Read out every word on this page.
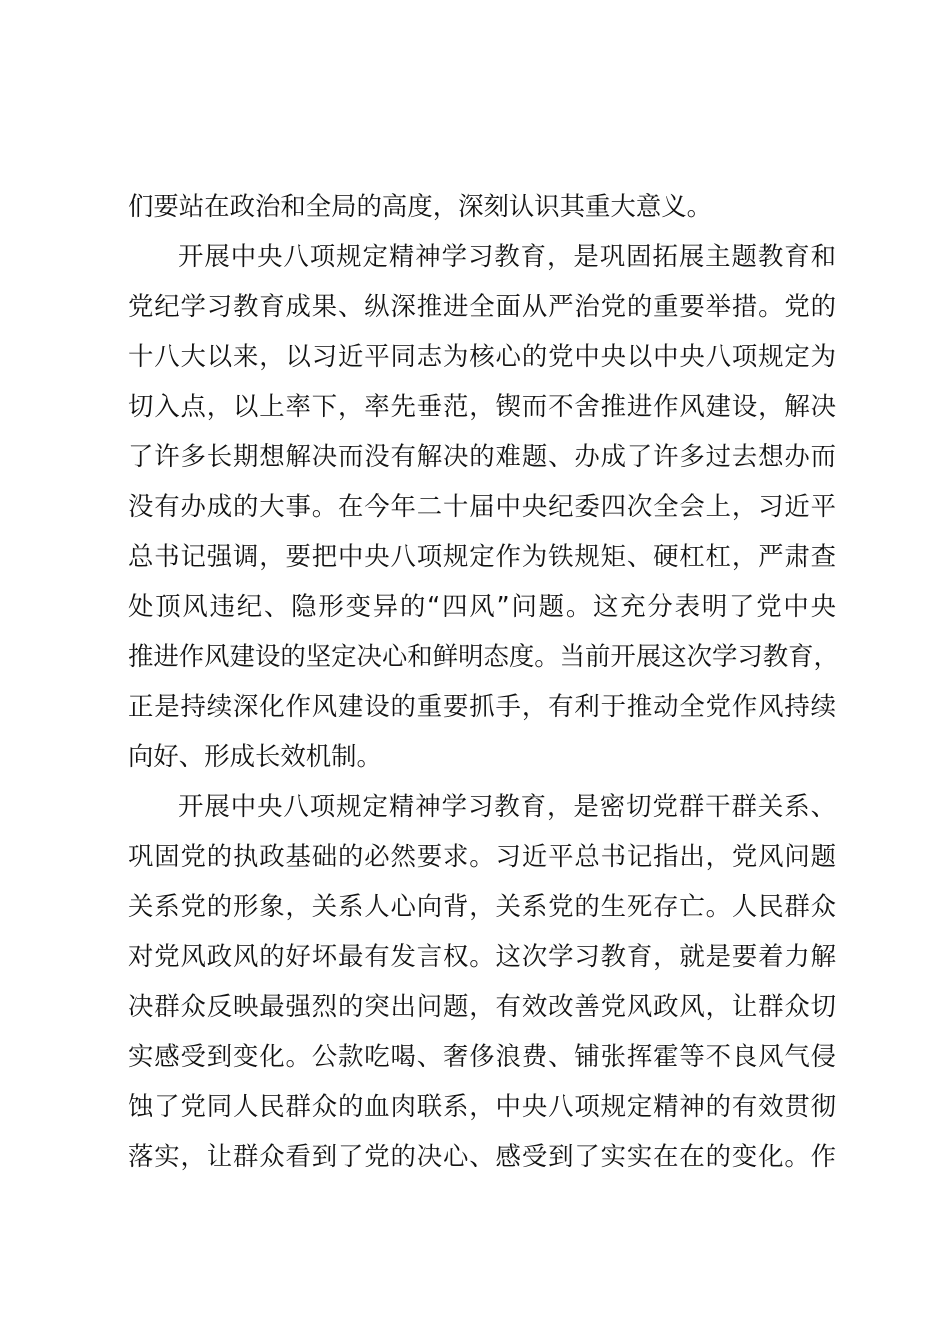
们要站在政治和全局的高度，深刻认识其重大意义。
开展中央八项规定精神学习教育，是巩固拓展主题教育和
党纪学习教育成果、纵深推进全面从严治党的重要举措。党的
十八大以来，以习近平同志为核心的党中央以中央八项规定为
切入点，以上率下，率先垂范，锲而不舍推进作风建设，解决
了许多长期想解决而没有解决的难题、办成了许多过去想办而
没有办成的大事。在今年二十届中央纪委四次全会上，习近平
总书记强调，要把中央八项规定作为铁规矩、硬杠杠，严肃查
处顶风违纪、隐形变异的“四风”问题。这充分表明了党中央
推进作风建设的坚定决心和鲜明态度。当前开展这次学习教育，
正是持续深化作风建设的重要抓手，有利于推动全党作风持续
向好、形成长效机制。
开展中央八项规定精神学习教育，是密切党群干群关系、
巩固党的执政基础的必然要求。习近平总书记指出，党风问题
关系党的形象，关系人心向背，关系党的生死存亡。人民群众
对党风政风的好坏最有发言权。这次学习教育，就是要着力解
决群众反映最强烈的突出问题，有效改善党风政风，让群众切
实感受到变化。公款吃喝、奢侈浪费、铺张挥霍等不良风气侵
蚀了党同人民群众的血肉联系，中央八项规定精神的有效贯彻
落实，让群众看到了党的决心、感受到了实实在在的变化。作
